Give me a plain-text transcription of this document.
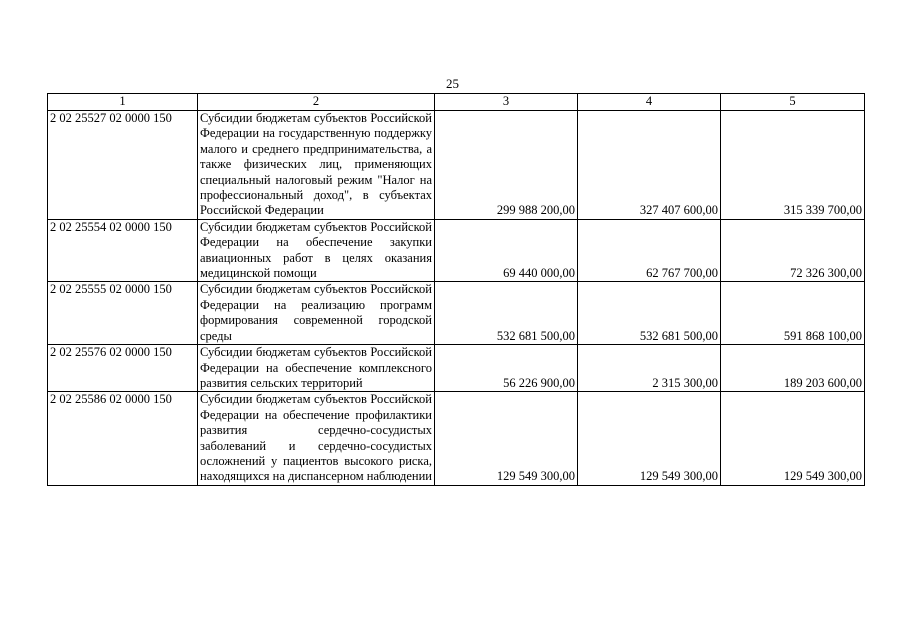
25
1	2	3	4	5
2 02 25527 02 0000 150	Субсидии бюджетам субъектов Российской Федерации на государственную поддержку малого и среднего предпринимательства, а также физических лиц, применяющих специальный налоговый режим "Налог на профессиональный доход", в субъектах Российской Федерации	299 988 200,00	327 407 600,00	315 339 700,00
2 02 25554 02 0000 150	Субсидии бюджетам субъектов Российской Федерации на обеспечение закупки авиационных работ в целях оказания медицинской помощи	69 440 000,00	62 767 700,00	72 326 300,00
2 02 25555 02 0000 150	Субсидии бюджетам субъектов Российской Федерации на реализацию программ формирования современной городской среды	532 681 500,00	532 681 500,00	591 868 100,00
2 02 25576 02 0000 150	Субсидии бюджетам субъектов Российской Федерации на обеспечение комплексного развития сельских территорий	56 226 900,00	2 315 300,00	189 203 600,00
2 02 25586 02 0000 150	Субсидии бюджетам субъектов Российской Федерации на обеспечение профилактики развития сердечно-сосудистых заболеваний и сердечно-сосудистых осложнений у пациентов высокого риска, находящихся на диспансерном наблюдении	129 549 300,00	129 549 300,00	129 549 300,00
